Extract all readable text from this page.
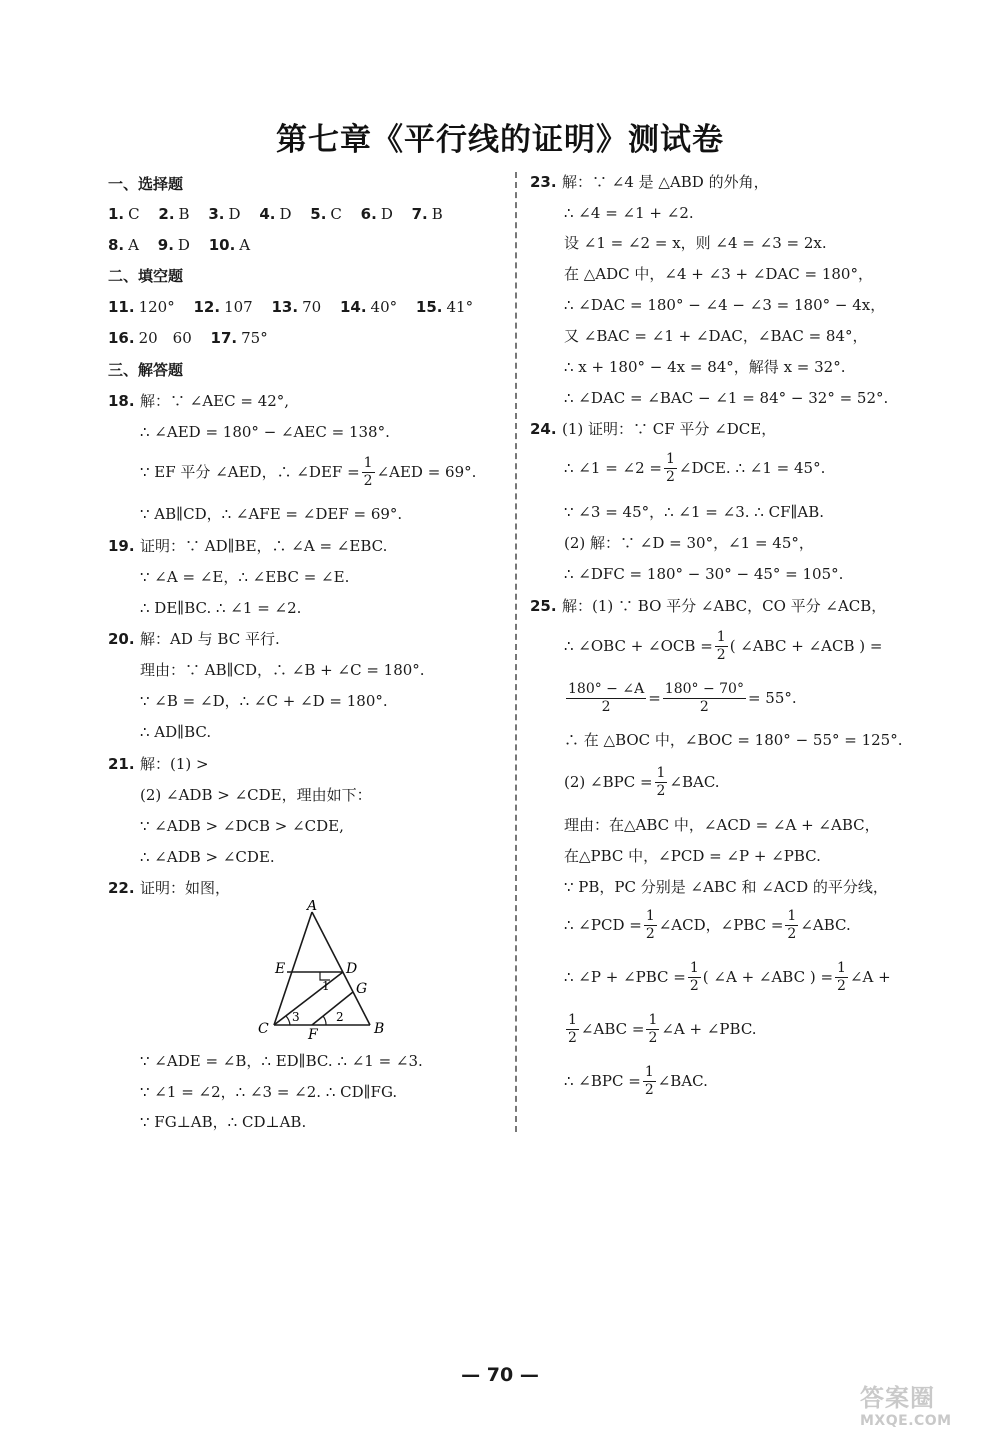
第七章《平行线的证明》测试卷
一、选择题
1. C 2. B 3. D 4. D 5. C 6. D 7. B
8. A 9. D 10. A
二、填空题
11. 120° 12. 107 13. 70 14. 40° 15. 41°
16. 20　60 17. 75°
三、解答题
18. 解：∵ ∠AEC = 42°,
∴ ∠AED = 180° − ∠AEC = 138°.
∵ EF 平分 ∠AED，∴ ∠DEF = $\frac{1}{2}$ ∠AED = 69°.
∵ AB∥CD，∴ ∠AFE = ∠DEF = 69°.
19. 证明：∵ AD∥BE，∴ ∠A = ∠EBC.
∵ ∠A = ∠E，∴ ∠EBC = ∠E.
∴ DE∥BC. ∴ ∠1 = ∠2.
20. 解：AD 与 BC 平行.
理由：∵ AB∥CD，∴ ∠B + ∠C = 180°.
∵ ∠B = ∠D，∴ ∠C + ∠D = 180°.
∴ AD∥BC.
21. 解：(1) >
(2) ∠ADB > ∠CDE，理由如下：
∵ ∠ADB > ∠DCB > ∠CDE,
∴ ∠ADB > ∠CDE.
22. 证明：如图，
A
B
C
D
E
F
G
1
2
3
∵ ∠ADE = ∠B，∴ ED∥BC. ∴ ∠1 = ∠3.
∵ ∠1 = ∠2，∴ ∠3 = ∠2. ∴ CD∥FG.
∵ FG⊥AB，∴ CD⊥AB.
23. 解：∵ ∠4 是 △ABD 的外角，
∴ ∠4 = ∠1 + ∠2.
设 ∠1 = ∠2 = x，则 ∠4 = ∠3 = 2x.
在 △ADC 中，∠4 + ∠3 + ∠DAC = 180°，
∴ ∠DAC = 180° − ∠4 − ∠3 = 180° − 4x，
又 ∠BAC = ∠1 + ∠DAC，∠BAC = 84°，
∴ x + 180° − 4x = 84°，解得 x = 32°.
∴ ∠DAC = ∠BAC − ∠1 = 84° − 32° = 52°.
24. (1) 证明：∵ CF 平分 ∠DCE，
∴ ∠1 = ∠2 = $\frac{1}{2}$ ∠DCE. ∴ ∠1 = 45°.
∵ ∠3 = 45°，∴ ∠1 = ∠3. ∴ CF∥AB.
(2) 解：∵ ∠D = 30°，∠1 = 45°，
∴ ∠DFC = 180° − 30° − 45° = 105°.
25. 解：(1) ∵ BO 平分 ∠ABC，CO 平分 ∠ACB，
∴ ∠OBC + ∠OCB = $\frac{1}{2}$ ( ∠ABC + ∠ACB ) =
$\frac{180^\circ - \angle A}{2} = \frac{180^\circ - 70^\circ}{2} = 55^\circ$.
∴ 在 △BOC 中，∠BOC = 180° − 55° = 125°.
(2) ∠BPC = $\frac{1}{2}$ ∠BAC.
理由：在△ABC 中，∠ACD = ∠A + ∠ABC，
在△PBC 中，∠PCD = ∠P + ∠PBC.
∵ PB，PC 分别是 ∠ABC 和 ∠ACD 的平分线，
∴ ∠PCD = $\frac{1}{2}$ ∠ACD，∠PBC = $\frac{1}{2}$ ∠ABC.
∴ ∠P + ∠PBC = $\frac{1}{2}$ ( ∠A + ∠ABC ) = $\frac{1}{2}$ ∠A +
$\frac{1}{2}$ ∠ABC = $\frac{1}{2}$ ∠A + ∠PBC.
∴ ∠BPC = $\frac{1}{2}$ ∠BAC.
— 70 —
答案圈
MXQE.COM
